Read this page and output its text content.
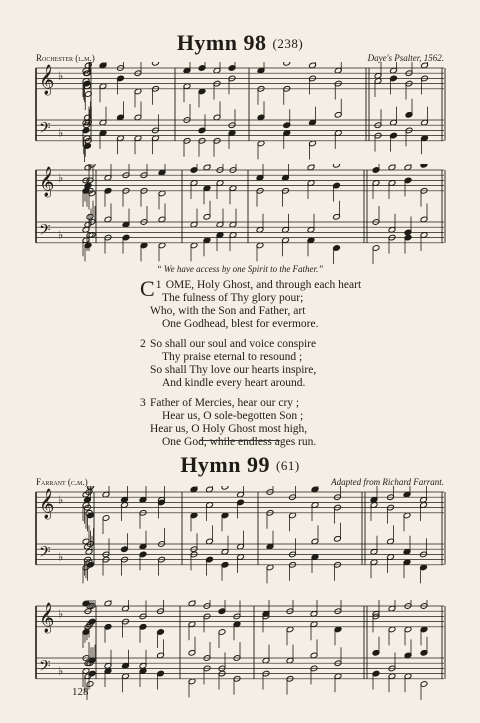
Hymn 98 (238)
Rochester (l.m.)	Daye's Psalter, 1562.
𝄞 ♭
𝄢 ♭
𝄞 ♭
𝄢 ♭
“ We have access by one Spirit to the Father.”
1
C OME, Holy Ghost, and through each heart
The fulness of Thy glory pour;
Who, with the Son and Father, art
One Godhead, blest for evermore.
2 So shall our soul and voice conspire
Thy praise eternal to resound ;
So shall Thy love our hearts inspire,
And kindle every heart around.
3 Father of Mercies, hear our cry ;
Hear us, O sole-begotten Son ;
Hear us, O Holy Ghost most high,
One God, while endless ages run.
Hymn 99 (61)
Farrant (c.m.)	Adapted from Richard Farrant.
𝄞 ♭
𝄢 ♭
𝄞 ♭
𝄢 ♭
128
